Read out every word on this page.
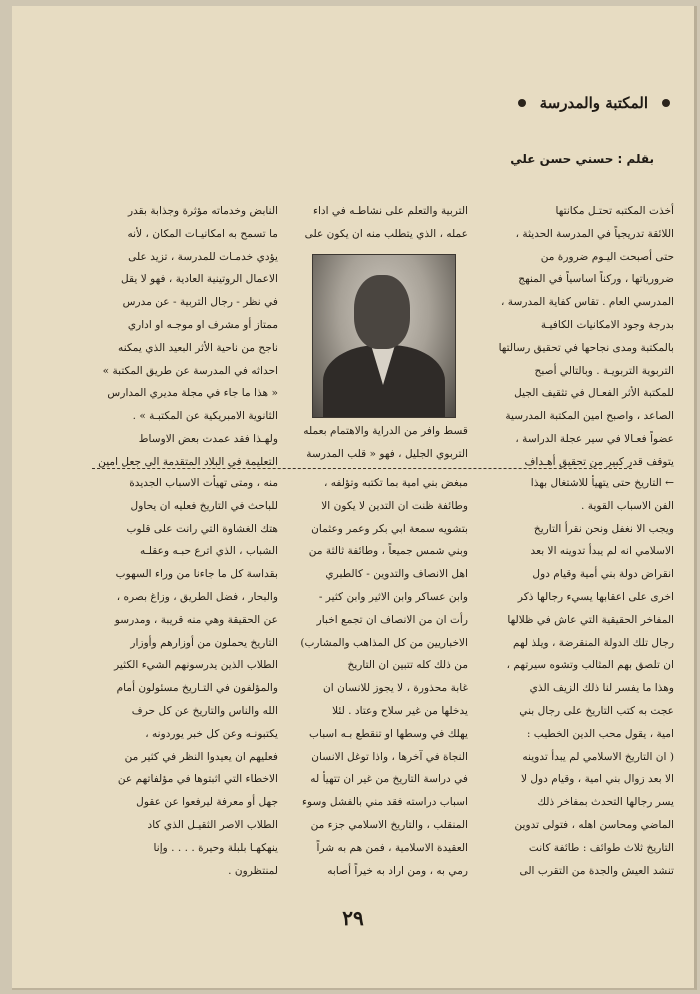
المكتبة والمدرسة
بقلم : حسني حسن علي

أخذت المكتبه تحتـل مكانتها

اللائقة تدريجياً في المدرسة الحديثة ،

حتى أصبحت اليـوم ضرورة من

ضرورياتها ، وركناً اساسياً في المنهج

المدرسي العام . تقاس كفاية المدرسة ،

بدرجة وجود الامكانيات الكافيـة

بالمكتبة ومدى نجاحها في تحقيق رسالتها

التربوية التربويـة . وبالتالي أصبح

للمكتبة الأثر الفعـال في تثقيف الجيل

الصاعد ، واصبح امين المكتبة المدرسية

عضواً فعـالا في سير عجلة الدراسة ،

يتوقف قدر كبير من تحقيق أهـداف

التربية والتعلم على نشاطـه في اداء

عمله ، الذي يتطلب منه ان يكون على

قسط وافر من الدراية والاهتمام بعمله

التربوي الجليل ، فهو « قلب المدرسة

النابض وخدماته مؤثرة وجذابة بقدر

ما تسمح به امكانيـات المكان ، لأنه

يؤدي خدمـات للمدرسة ، تزيد على

الاعمال الروتينية العادية ، فهو لا يقل

في نظر - رجال التربية - عن مدرس

ممتاز أو مشرف او موجـه او اداري

ناجح من ناحية الأثر البعيد الذي يمكنه

احداثه في المدرسة عن طريق المكتبة »

« هذا ما جاء في مجلة مديري المدارس

الثانوية الامبريكية عن المكتبـة » .

ولهـذا فقد عمدت بعض الاوساط

التعليمة في البلاد المتقدمة الى جعل امين

← التاريخ حتى يتهيأ للاشتغال بهذا

الفن الاسباب القوية .

ويجب الا نغفل ونحن نقرأ التاريخ

الاسلامي انه لم يبدأ تدوينه الا بعد

انقراض دولة بني أمية وقيام دول

اخرى على اعقابها يسيء رجالها ذكر

المفاخر الحقيقية التي عاش في ظلالها

رجال تلك الدولة المنقرضة ، ويلذ لهم

ان تلصق بهم المثالب وتشوه سيرتهم ،

وهذا ما يفسر لنا ذلك الزيف الذي

عجت به كتب التاريخ على رجال بني

امية ، يقول محب الدين الخطيب :

( ان التاريخ الاسلامي لم يبدأ تدوينه

الا بعد زوال بني امية ، وقيام دول لا

يسر رجالها التحدث بمفاخر ذلك

الماضي ومحاسن اهله ، فتولى تدوين

التاريخ ثلاث طوائف : طائفة كانت

تنشد العيش والجدة من التقرب الى

مبغض بني امية بما تكتبه وتؤلفه ،

وطائفة ظنت ان التدين لا يكون الا

بتشويه سمعة ابي بكر وعمر وعثمان

وبني شمس جميعاً ، وطائفة ثالثة من

اهل الانصاف والتدوين - كالطبري

وابن عساكر وابن الاثير وابن كثير -

رأت ان من الانصاف ان تجمع اخبار

الاخباريين من كل المذاهب والمشارب)

من ذلك كله تتبين ان التاريخ

غابة محذورة ، لا يجوز للانسان ان

يدخلها من غير سلاح وعتاد . لئلا

يهلك في وسطها او تنقطع بـه اسباب

النجاة في آخرها ، واذا توغل الانسان

في دراسة التاريخ من غير ان تتهيأ له

اسباب دراسته فقد مني بالفشل وسوء

المنقلب ، والتاريخ الاسلامي جزء من

العقيدة الاسلامية ، فمن هم به شراً

رمي به ، ومن اراد به خيراً أصابه

منه ، ومتى تهيأت الاسباب الجديدة

للباحث في التاريخ فعليه ان يحاول

هتك الغشاوة التي رانت على قلوب

الشباب ، الذي اترع حبـه وعقلـه

بقداسة كل ما جاءنا من وراء السهوب

والبحار ، فضل الطريق ، وزاغ بصره ،

عن الحقيقة وهي منه قريبة ، ومدرسو

التاريخ يحملون من أوزارهم وأوزار

الطلاب الذين يدرسونهم الشيء الكثير

والمؤلفون في التـاريخ مسئولون أمام

الله والناس والتاريخ عن كل حرف

يكتبونـه وعن كل خبر يوردونه ،

فعليهم ان يعيدوا النظر في كثير من

الاخطاء التي اثبتوها في مؤلفاتهم عن

جهل أو معرفة ليرفعوا عن عقول

الطلاب الاصر الثقيـل الذي كاد

ينهكهـا بلبلة وحيرة . . . . وإنا

لمنتظرون .

٢٩
